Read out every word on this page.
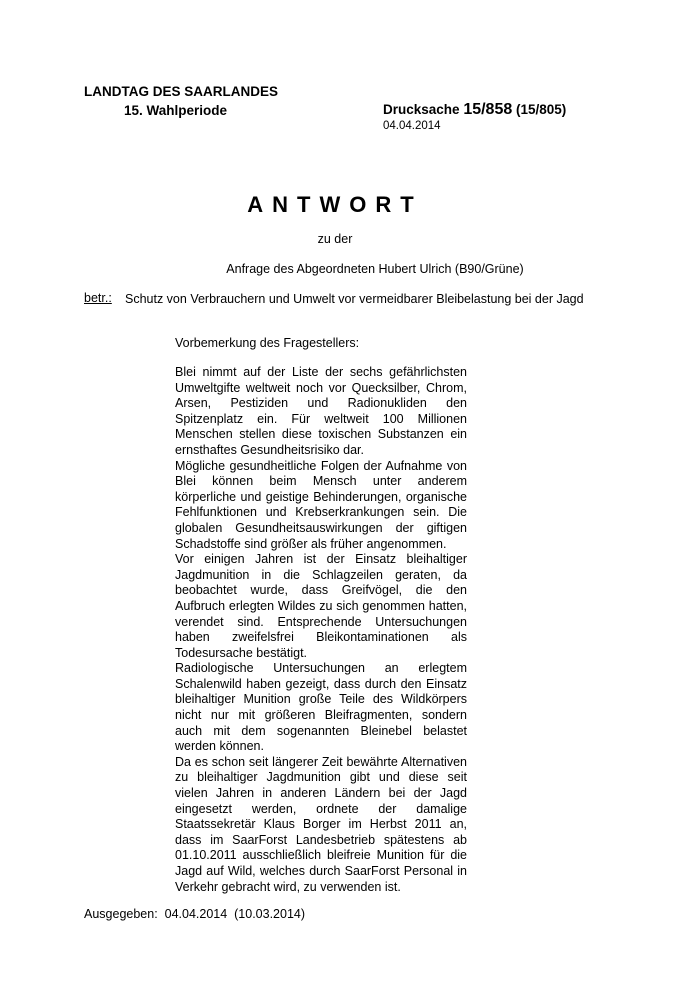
LANDTAG DES SAARLANDES
15. Wahlperiode	Drucksache 15/858 (15/805)
04.04.2014
ANTWORT
zu der
Anfrage des Abgeordneten Hubert Ulrich (B90/Grüne)
betr.: Schutz von Verbrauchern und Umwelt vor vermeidbarer Bleibelastung bei der Jagd
Vorbemerkung des Fragestellers:

Blei nimmt auf der Liste der sechs gefährlichsten Umweltgifte weltweit noch vor Quecksilber, Chrom, Arsen, Pestiziden und Radionukliden den Spitzenplatz ein. Für weltweit 100 Millionen Menschen stellen diese toxischen Substanzen ein ernsthaftes Gesundheitsrisiko dar.

Mögliche gesundheitliche Folgen der Aufnahme von Blei können beim Mensch unter anderem körperliche und geistige Behinderungen, organische Fehlfunktionen und Krebserkrankungen sein. Die globalen Gesundheitsauswirkungen der giftigen Schadstoffe sind größer als früher angenommen.

Vor einigen Jahren ist der Einsatz bleihaltiger Jagdmunition in die Schlagzeilen geraten, da beobachtet wurde, dass Greifvögel, die den Aufbruch erlegten Wildes zu sich genommen hatten, verendet sind. Entsprechende Untersuchungen haben zweifelsfrei Bleikontaminationen als Todesursache bestätigt.

Radiologische Untersuchungen an erlegtem Schalenwild haben gezeigt, dass durch den Einsatz bleihaltiger Munition große Teile des Wildkörpers nicht nur mit größeren Bleifragmenten, sondern auch mit dem sogenannten Bleinebel belastet werden können.

Da es schon seit längerer Zeit bewährte Alternativen zu bleihaltiger Jagdmunition gibt und diese seit vielen Jahren in anderen Ländern bei der Jagd eingesetzt werden, ordnete der damalige Staatssekretär Klaus Borger im Herbst 2011 an, dass im SaarForst Landesbetrieb spätestens ab 01.10.2011 ausschließlich bleifreie Munition für die Jagd auf Wild, welches durch SaarForst Personal in Verkehr gebracht wird, zu verwenden ist.

Ausgegeben:  04.04.2014  (10.03.2014)
